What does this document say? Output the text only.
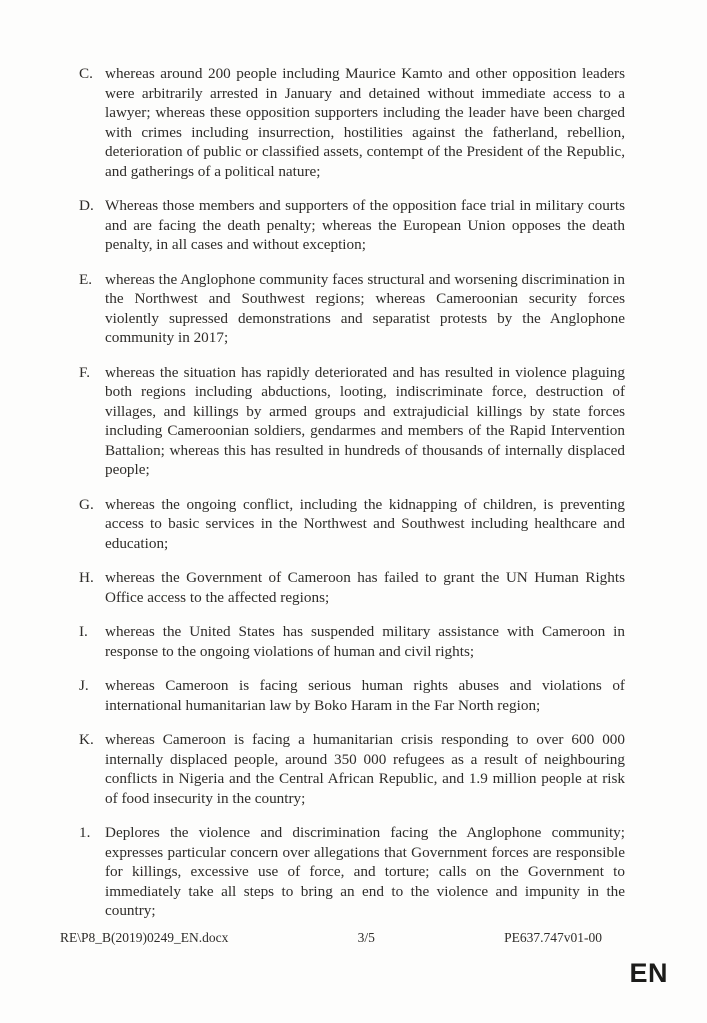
C. whereas around 200 people including Maurice Kamto and other opposition leaders were arbitrarily arrested in January and detained without immediate access to a lawyer; whereas these opposition supporters including the leader have been charged with crimes including insurrection, hostilities against the fatherland, rebellion, deterioration of public or classified assets, contempt of the President of the Republic, and gatherings of a political nature;
D. Whereas those members and supporters of the opposition face trial in military courts and are facing the death penalty; whereas the European Union opposes the death penalty, in all cases and without exception;
E. whereas the Anglophone community faces structural and worsening discrimination in the Northwest and Southwest regions; whereas Cameroonian security forces violently supressed demonstrations and separatist protests by the Anglophone community in 2017;
F. whereas the situation has rapidly deteriorated and has resulted in violence plaguing both regions including abductions, looting, indiscriminate force, destruction of villages, and killings by armed groups and extrajudicial killings by state forces including Cameroonian soldiers, gendarmes and members of the Rapid Intervention Battalion; whereas this has resulted in hundreds of thousands of internally displaced people;
G. whereas the ongoing conflict, including the kidnapping of children, is preventing access to basic services in the Northwest and Southwest including healthcare and education;
H. whereas the Government of Cameroon has failed to grant the UN Human Rights Office access to the affected regions;
I.	whereas the United States has suspended military assistance with Cameroon in response to the ongoing violations of human and civil rights;
J.	whereas Cameroon is facing serious human rights abuses and violations of international humanitarian law by Boko Haram in the Far North region;
K. whereas Cameroon is facing a humanitarian crisis responding to over 600 000 internally displaced people, around 350 000 refugees as a result of neighbouring conflicts in Nigeria and the Central African Republic, and 1.9 million people at risk of food insecurity in the country;
1. Deplores the violence and discrimination facing the Anglophone community; expresses particular concern over allegations that Government forces are responsible for killings, excessive use of force, and torture; calls on the Government to immediately take all steps to bring an end to the violence and impunity in the country;
RE\P8_B(2019)0249_EN.docx	3/5	PE637.747v01-00
EN
